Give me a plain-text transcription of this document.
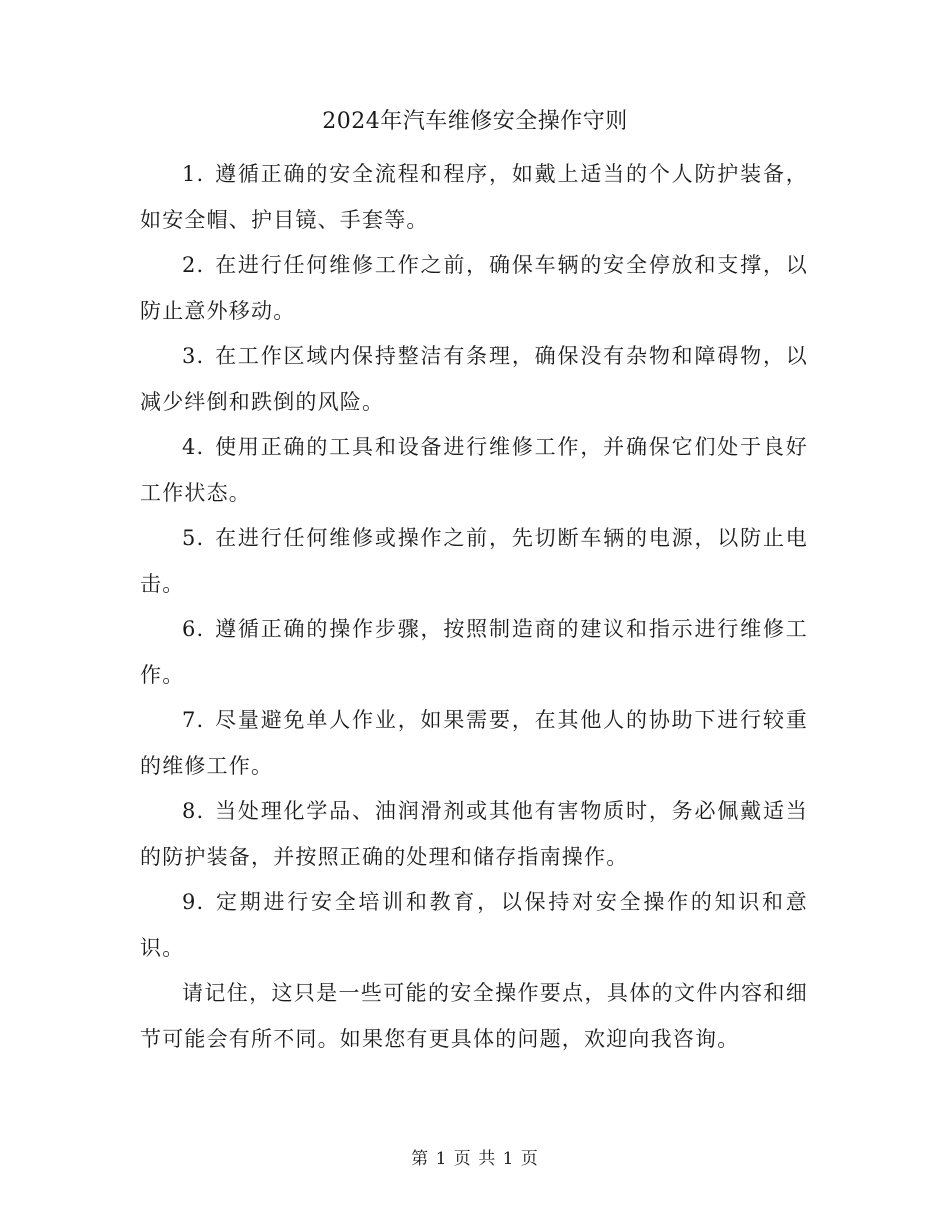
2024年汽车维修安全操作守则

1. 遵循正确的安全流程和程序，如戴上适当的个人防护装备，如安全帽、护目镜、手套等。

2. 在进行任何维修工作之前，确保车辆的安全停放和支撑，以防止意外移动。

3. 在工作区域内保持整洁有条理，确保没有杂物和障碍物，以减少绊倒和跌倒的风险。

4. 使用正确的工具和设备进行维修工作，并确保它们处于良好工作状态。

5. 在进行任何维修或操作之前，先切断车辆的电源，以防止电击。

6. 遵循正确的操作步骤，按照制造商的建议和指示进行维修工作。

7. 尽量避免单人作业，如果需要，在其他人的协助下进行较重的维修工作。

8. 当处理化学品、油润滑剂或其他有害物质时，务必佩戴适当的防护装备，并按照正确的处理和储存指南操作。

9. 定期进行安全培训和教育，以保持对安全操作的知识和意识。

请记住，这只是一些可能的安全操作要点，具体的文件内容和细节可能会有所不同。如果您有更具体的问题，欢迎向我咨询。

第 1 页 共 1 页
